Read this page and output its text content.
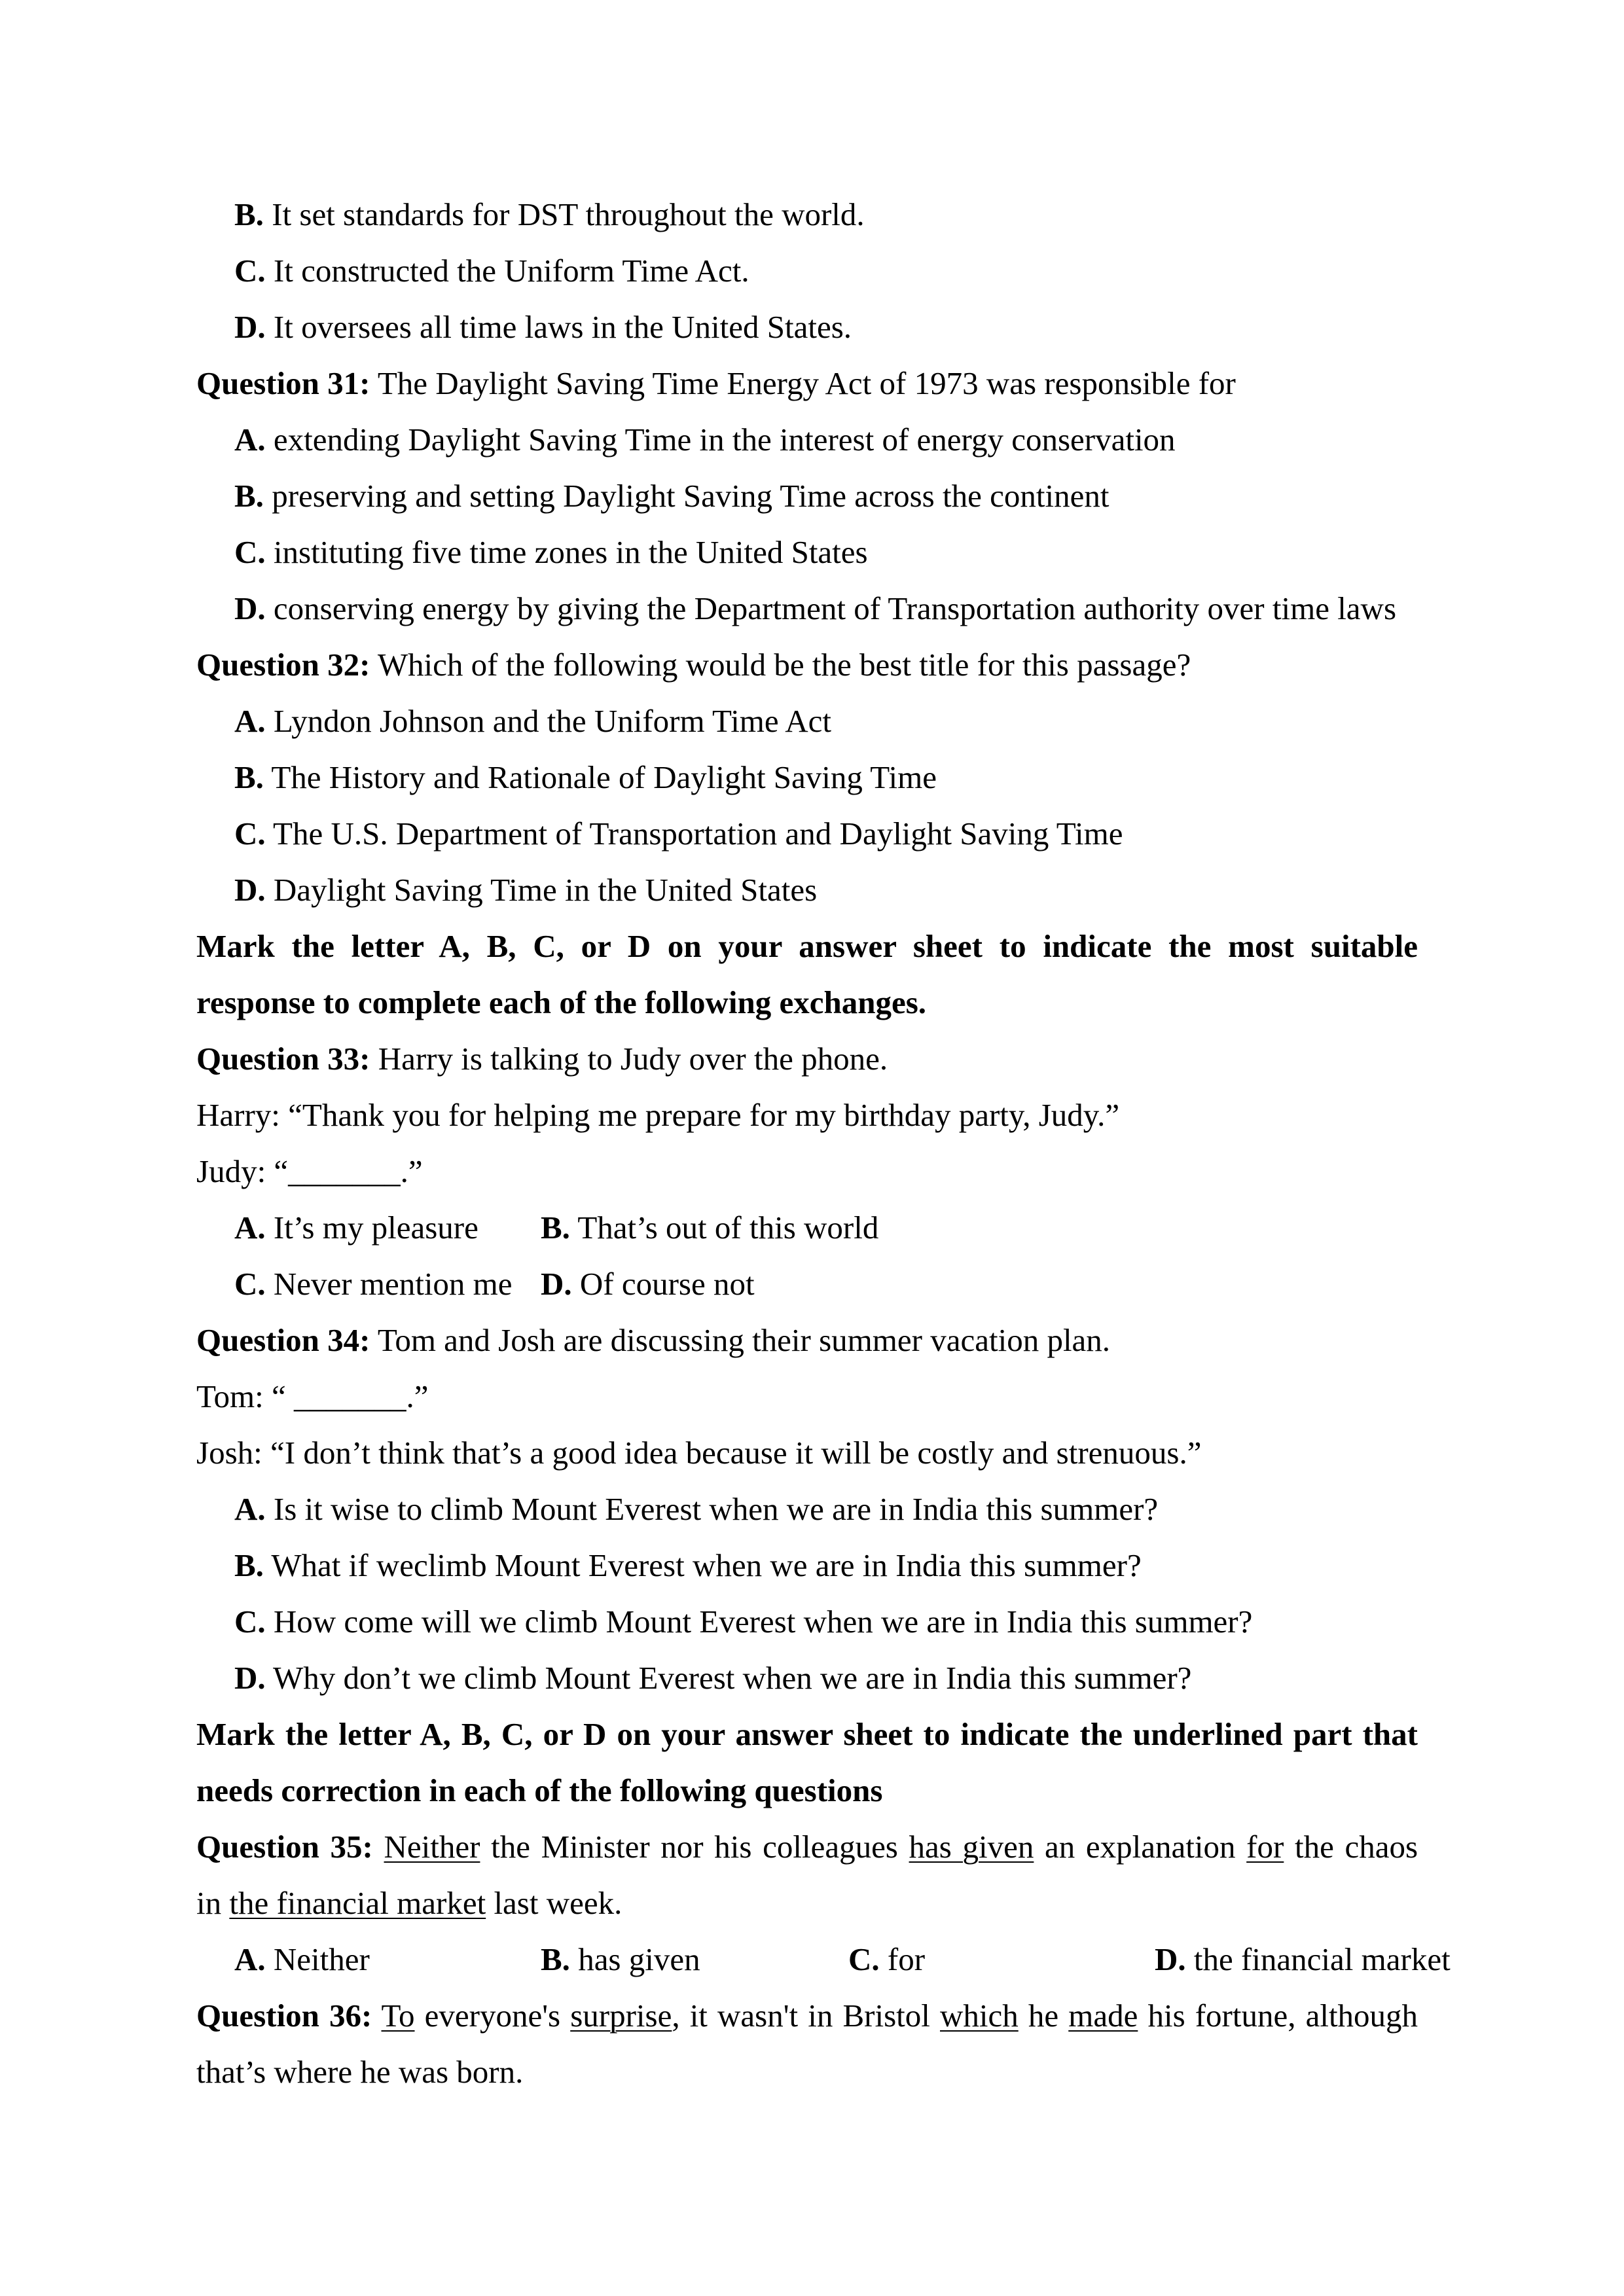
B. It set standards for DST throughout the world.
C. It constructed the Uniform Time Act.
D. It oversees all time laws in the United States.
Question 31: The Daylight Saving Time Energy Act of 1973 was responsible for
A. extending Daylight Saving Time in the interest of energy conservation
B. preserving and setting Daylight Saving Time across the continent
C. instituting five time zones in the United States
D. conserving energy by giving the Department of Transportation authority over time laws
Question 32: Which of the following would be the best title for this passage?
A. Lyndon Johnson and the Uniform Time Act
B. The History and Rationale of Daylight Saving Time
C. The U.S. Department of Transportation and Daylight Saving Time
D. Daylight Saving Time in the United States
Mark the letter A, B, C, or D on your answer sheet to indicate the most suitable
response to complete each of the following exchanges.
Question 33: Harry is talking to Judy over the phone.
Harry: “Thank you for helping me prepare for my birthday party, Judy.”
Judy: “_______.”
A. It’s my pleasure B. That’s out of this world
C. Never mention me D. Of course not
Question 34: Tom and Josh are discussing their summer vacation plan.
Tom: “ _______.”
Josh: “I don’t think that’s a good idea because it will be costly and strenuous.”
A. Is it wise to climb Mount Everest when we are in India this summer?
B. What if weclimb Mount Everest when we are in India this summer?
C. How come will we climb Mount Everest when we are in India this summer?
D. Why don’t we climb Mount Everest when we are in India this summer?
Mark the letter A, B, C, or D on your answer sheet to indicate the underlined part that
needs correction in each of the following questions
Question 35: Neither the Minister nor his colleagues has given an explanation for the chaos
in the financial market last week.
A. Neither	B. has given	C. for	D. the financial market
Question 36: To everyone's surprise, it wasn't in Bristol which he made his fortune, although
that’s where he was born.
